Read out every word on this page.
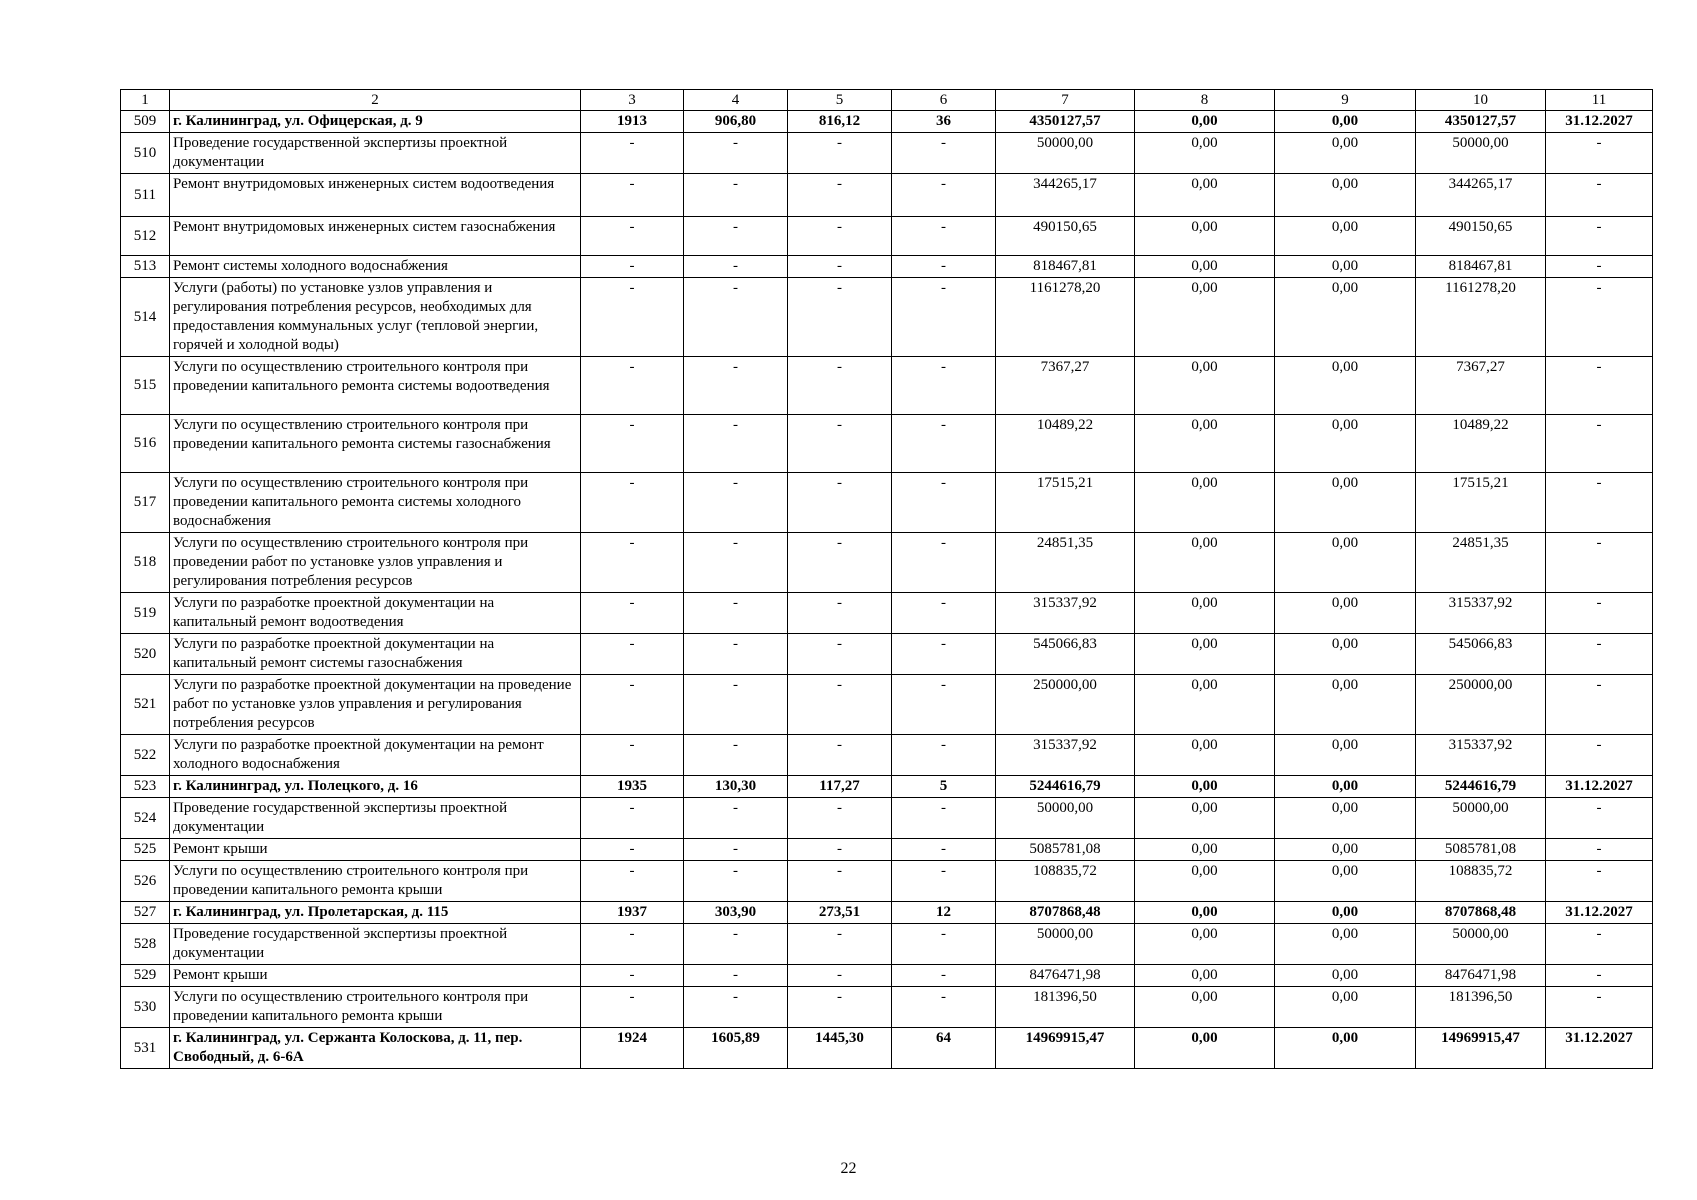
1	2	3	4	5	6	7	8	9	10	11
509	г. Калининград, ул. Офицерская, д. 9	1913	906,80	816,12	36	4350127,57	0,00	0,00	4350127,57	31.12.2027
510	Проведение государственной экспертизы проектной документации	-	-	-	-	50000,00	0,00	0,00	50000,00	-
511	Ремонт внутридомовых инженерных систем водоотведения	-	-	-	-	344265,17	0,00	0,00	344265,17	-
512	Ремонт внутридомовых инженерных систем газоснабжения	-	-	-	-	490150,65	0,00	0,00	490150,65	-
513	Ремонт системы холодного водоснабжения	-	-	-	-	818467,81	0,00	0,00	818467,81	-
514	Услуги (работы) по установке узлов управления и регулирования потребления ресурсов, необходимых для предоставления коммунальных услуг (тепловой энергии, горячей и холодной воды)	-	-	-	-	1161278,20	0,00	0,00	1161278,20	-
515	Услуги по осуществлению строительного контроля при проведении капитального ремонта системы водоотведения	-	-	-	-	7367,27	0,00	0,00	7367,27	-
516	Услуги по осуществлению строительного контроля при проведении капитального ремонта системы газоснабжения	-	-	-	-	10489,22	0,00	0,00	10489,22	-
517	Услуги по осуществлению строительного контроля при проведении капитального ремонта системы холодного водоснабжения	-	-	-	-	17515,21	0,00	0,00	17515,21	-
518	Услуги по осуществлению строительного контроля при проведении работ по установке узлов управления и регулирования потребления ресурсов	-	-	-	-	24851,35	0,00	0,00	24851,35	-
519	Услуги по разработке проектной документации на капитальный ремонт водоотведения	-	-	-	-	315337,92	0,00	0,00	315337,92	-
520	Услуги по разработке проектной документации на капитальный ремонт системы газоснабжения	-	-	-	-	545066,83	0,00	0,00	545066,83	-
521	Услуги по разработке проектной документации на проведение работ по установке узлов управления и регулирования потребления ресурсов	-	-	-	-	250000,00	0,00	0,00	250000,00	-
522	Услуги по разработке проектной документации на ремонт холодного водоснабжения	-	-	-	-	315337,92	0,00	0,00	315337,92	-
523	г. Калининград, ул. Полецкого, д. 16	1935	130,30	117,27	5	5244616,79	0,00	0,00	5244616,79	31.12.2027
524	Проведение государственной экспертизы проектной документации	-	-	-	-	50000,00	0,00	0,00	50000,00	-
525	Ремонт крыши	-	-	-	-	5085781,08	0,00	0,00	5085781,08	-
526	Услуги по осуществлению строительного контроля при проведении капитального ремонта крыши	-	-	-	-	108835,72	0,00	0,00	108835,72	-
527	г. Калининград, ул. Пролетарская, д. 115	1937	303,90	273,51	12	8707868,48	0,00	0,00	8707868,48	31.12.2027
528	Проведение государственной экспертизы проектной документации	-	-	-	-	50000,00	0,00	0,00	50000,00	-
529	Ремонт крыши	-	-	-	-	8476471,98	0,00	0,00	8476471,98	-
530	Услуги по осуществлению строительного контроля при проведении капитального ремонта крыши	-	-	-	-	181396,50	0,00	0,00	181396,50	-
531	г. Калининград, ул. Сержанта Колоскова, д. 11, пер. Свободный, д. 6-6А	1924	1605,89	1445,30	64	14969915,47	0,00	0,00	14969915,47	31.12.2027
22
